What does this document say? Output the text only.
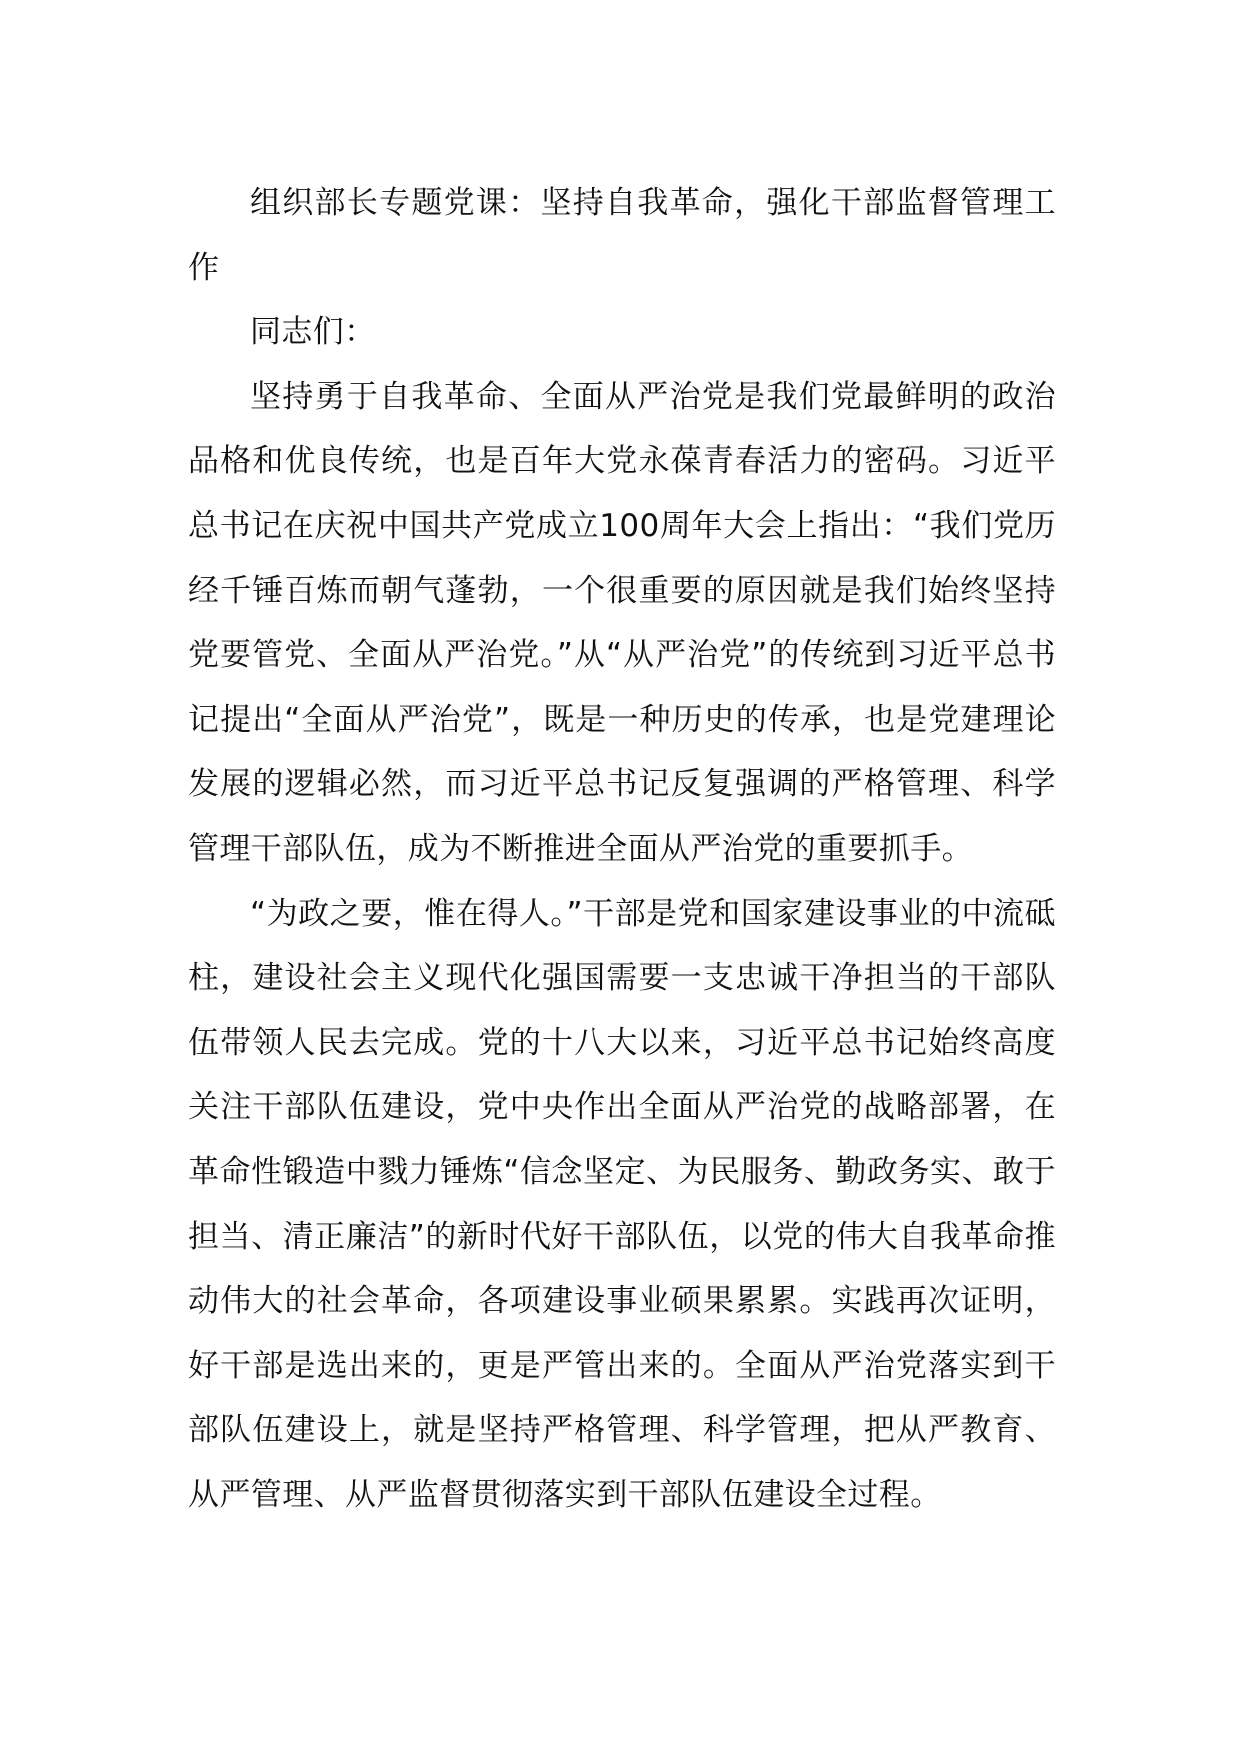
组织部长专题党课：坚持自我革命，强化干部监督管理工作

同志们：

坚持勇于自我革命、全面从严治党是我们党最鲜明的政治品格和优良传统，也是百年大党永葆青春活力的密码。习近平总书记在庆祝中国共产党成立100周年大会上指出：“我们党历经千锤百炼而朝气蓬勃，一个很重要的原因就是我们始终坚持党要管党、全面从严治党。”从“从严治党”的传统到习近平总书记提出“全面从严治党”，既是一种历史的传承，也是党建理论发展的逻辑必然，而习近平总书记反复强调的严格管理、科学管理干部队伍，成为不断推进全面从严治党的重要抓手。

“为政之要，惟在得人。”干部是党和国家建设事业的中流砥柱，建设社会主义现代化强国需要一支忠诚干净担当的干部队伍带领人民去完成。党的十八大以来，习近平总书记始终高度关注干部队伍建设，党中央作出全面从严治党的战略部署，在革命性锻造中戮力锤炼“信念坚定、为民服务、勤政务实、敢于担当、清正廉洁”的新时代好干部队伍，以党的伟大自我革命推动伟大的社会革命，各项建设事业硕果累累。实践再次证明，好干部是选出来的，更是严管出来的。全面从严治党落实到干部队伍建设上，就是坚持严格管理、科学管理，把从严教育、从严管理、从严监督贯彻落实到干部队伍建设全过程。
